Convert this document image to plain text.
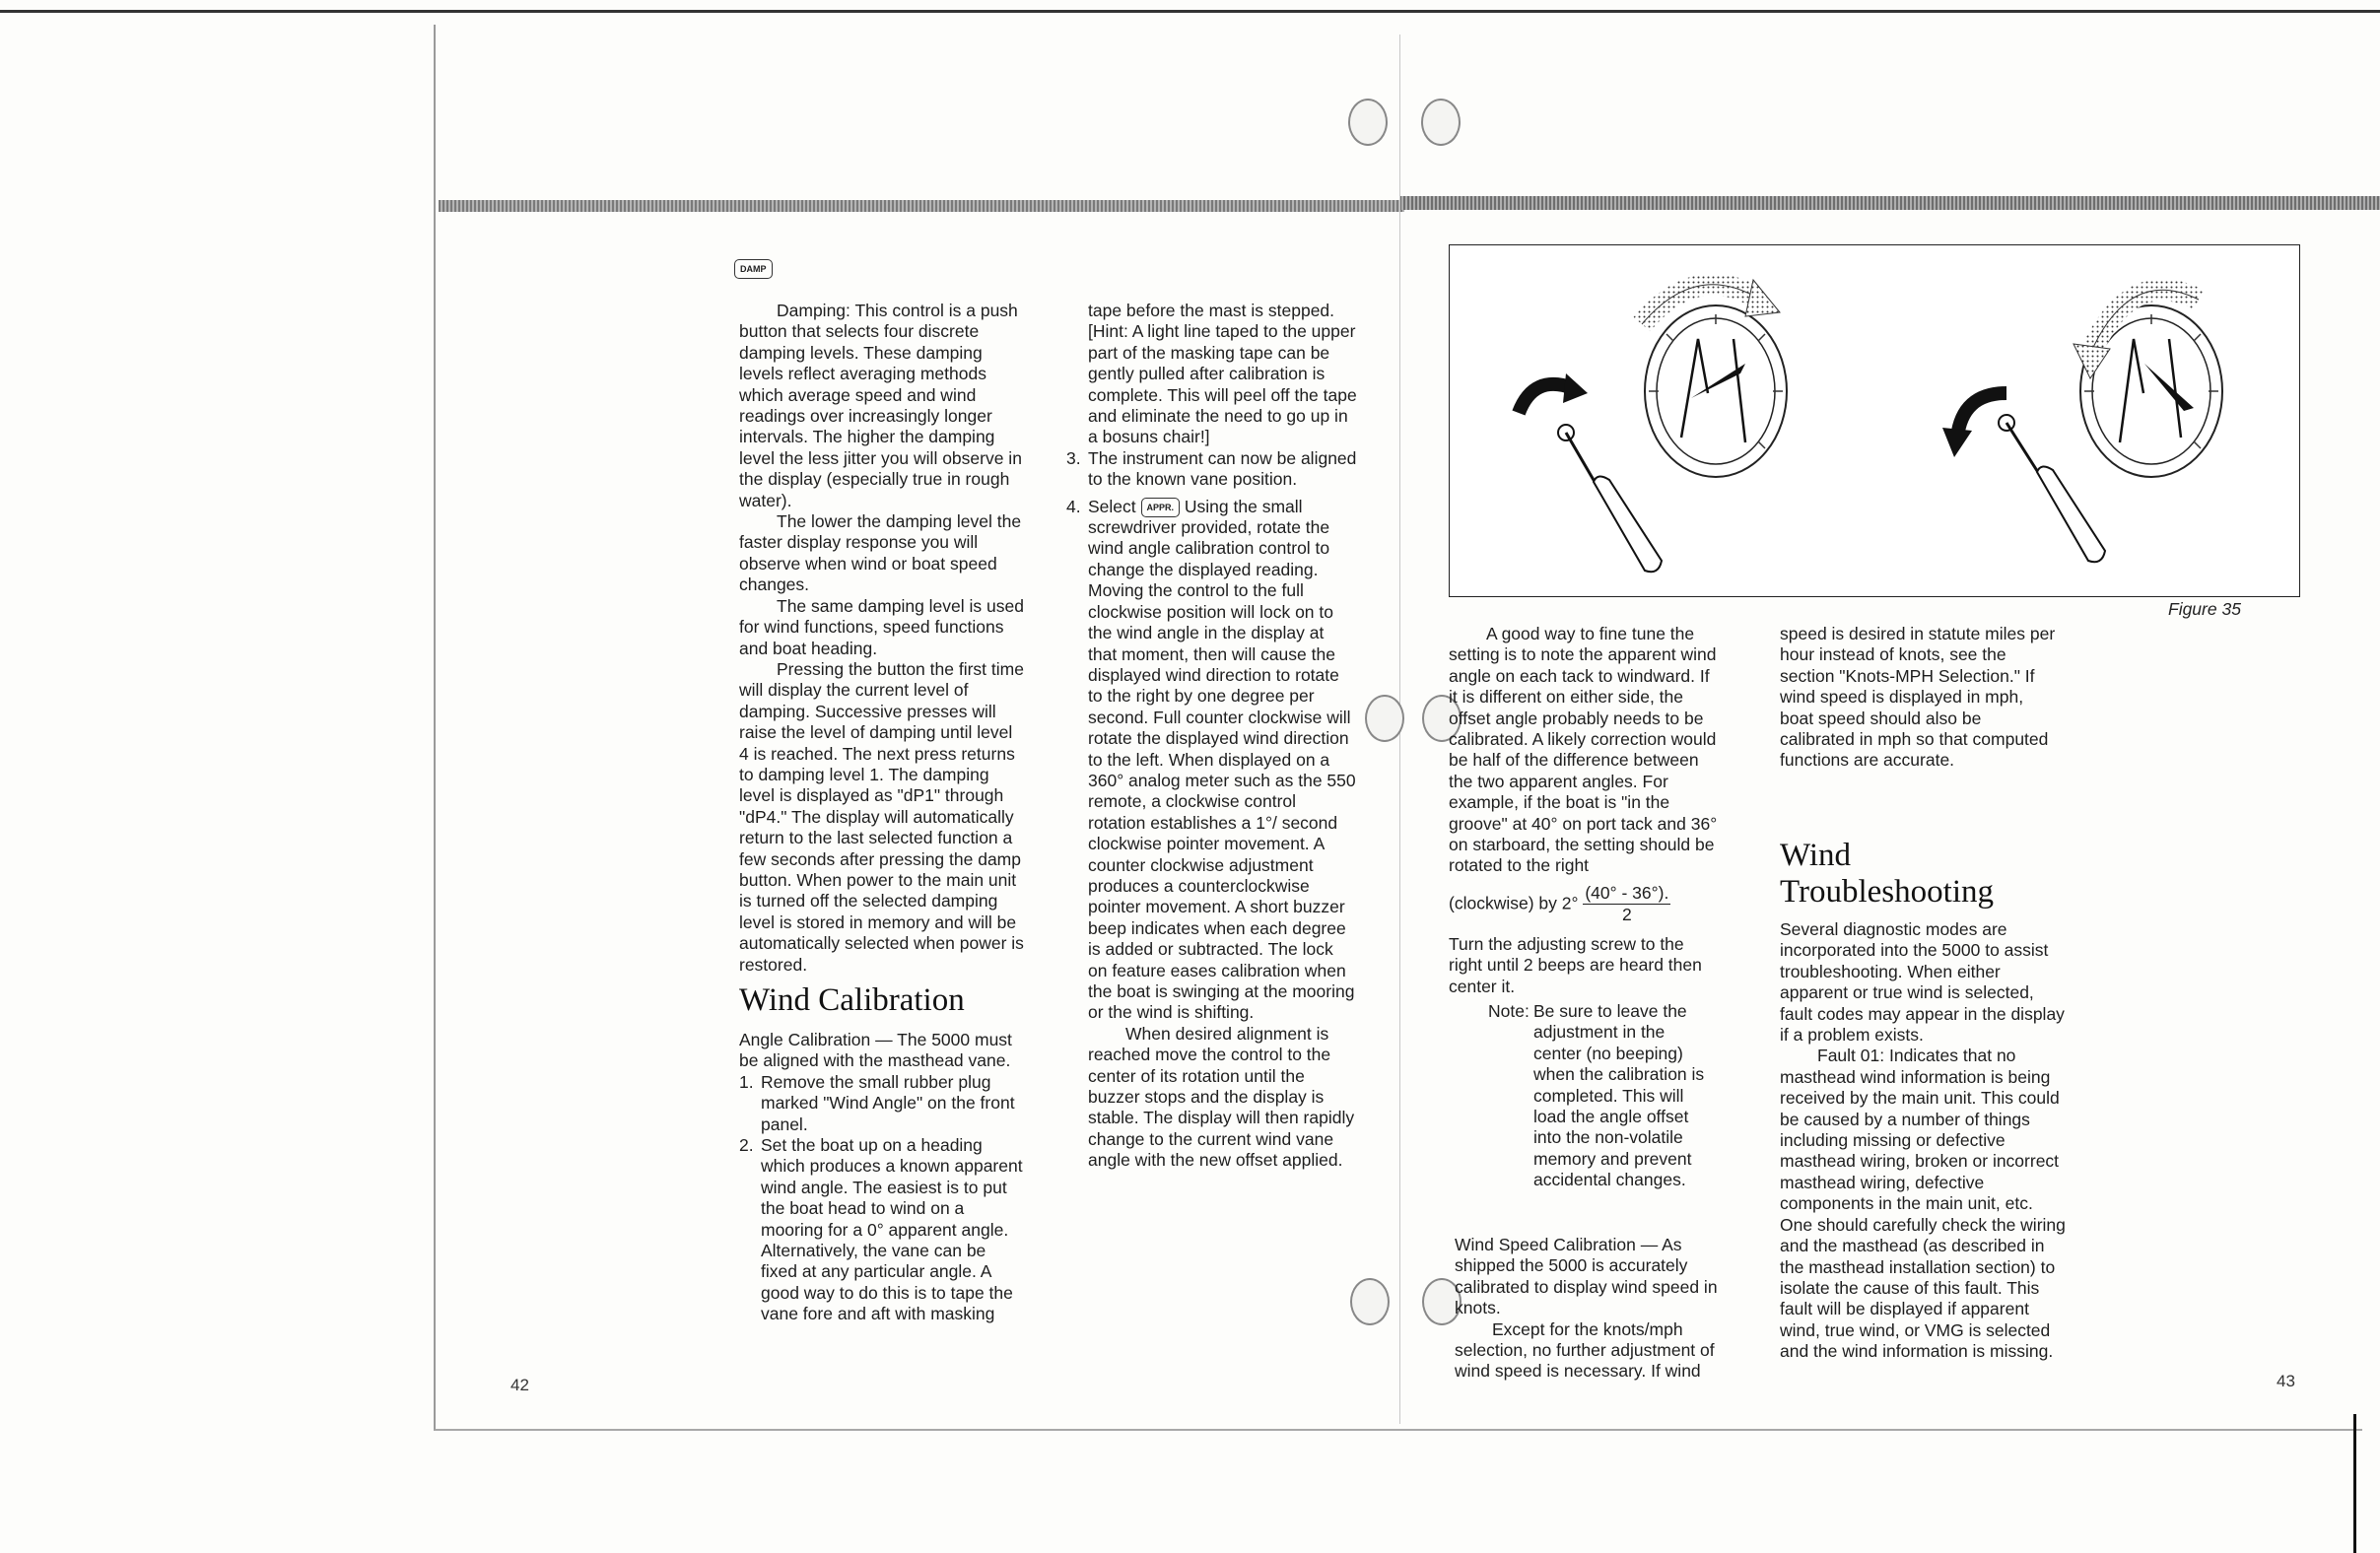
DAMP

Damping: This control is a push button that selects four discrete damping levels. These damping levels reflect averaging methods which average speed and wind readings over increasingly longer intervals. The higher the damping level the less jitter you will observe in the display (especially true in rough water).

The lower the damping level the faster display response you will observe when wind or boat speed changes.

The same damping level is used for wind functions, speed functions and boat heading.

Pressing the button the first time will display the current level of damping. Successive presses will raise the level of damping until level 4 is reached. The next press returns to damping level 1. The damping level is displayed as "dP1" through "dP4." The display will automatically return to the last selected function a few seconds after pressing the damp button. When power to the main unit is turned off the selected damping level is stored in memory and will be automatically selected when power is restored.

Wind Calibration

Angle Calibration — The 5000 must be aligned with the masthead vane.

1. Remove the small rubber plug marked "Wind Angle" on the front panel.
2. Set the boat up on a heading which produces a known apparent wind angle. The easiest is to put the boat head to wind on a mooring for a 0° apparent angle. Alternatively, the vane can be fixed at any particular angle. A good way to do this is to tape the vane fore and aft with masking

tape before the mast is stepped. [Hint: A light line taped to the upper part of the masking tape can be gently pulled after calibration is complete. This will peel off the tape and eliminate the need to go up in a bosuns chair!]

3. The instrument can now be aligned to the known vane position.
4. Select APPR. Using the small screwdriver provided, rotate the wind angle calibration control to change the displayed reading. Moving the control to the full clockwise position will lock on to the wind angle in the display at that moment, then will cause the displayed wind direction to rotate to the right by one degree per second. Full counter clockwise will rotate the displayed wind direction to the left. When displayed on a 360° analog meter such as the 550 remote, a clockwise control rotation establishes a 1°/ second clockwise pointer movement. A counter clockwise adjustment produces a counterclockwise pointer movement. A short buzzer beep indicates when each degree is added or subtracted. The lock on feature eases calibration when the boat is swinging at the mooring or the wind is shifting.

When desired alignment is reached move the control to the center of its rotation until the buzzer stops and the display is stable. The display will then rapidly change to the current wind vane angle with the new offset applied.

42
Figure 35

A good way to fine tune the setting is to note the apparent wind angle on each tack to windward. If it is different on either side, the offset angle probably needs to be calibrated. A likely correction would be half of the difference between the two apparent angles. For example, if the boat is "in the groove" at 40° on port tack and 36° on starboard, the setting should be rotated to the right

(clockwise) by $2^\circ \frac{(40^\circ - 36^\circ).}{2}$

Turn the adjusting screw to the right until 2 beeps are heard then center it.

Note: Be sure to leave the adjustment in the center (no beeping) when the calibration is completed. This will load the angle offset into the non-volatile memory and prevent accidental changes.

Wind Speed Calibration — As shipped the 5000 is accurately calibrated to display wind speed in knots.

Except for the knots/mph selection, no further adjustment of wind speed is necessary. If wind

speed is desired in statute miles per hour instead of knots, see the section "Knots-MPH Selection." If wind speed is displayed in mph, boat speed should also be calibrated in mph so that computed functions are accurate.

Wind
Troubleshooting

Several diagnostic modes are incorporated into the 5000 to assist troubleshooting. When either apparent or true wind is selected, fault codes may appear in the display if a problem exists.

Fault 01: Indicates that no masthead wind information is being received by the main unit. This could be caused by a number of things including missing or defective masthead wiring, broken or incorrect masthead wiring, defective components in the main unit, etc. One should carefully check the wiring and the masthead (as described in the masthead installation section) to isolate the cause of this fault. This fault will be displayed if apparent wind, true wind, or VMG is selected and the wind information is missing.

43
